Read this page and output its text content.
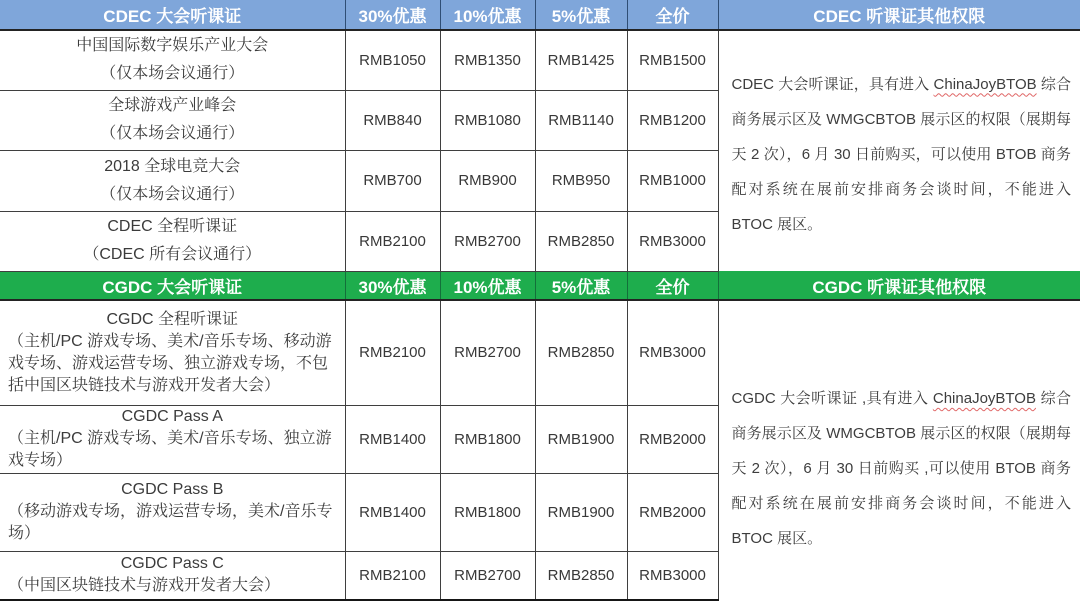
CDEC 大会听课证	30%优惠	10%优惠	5%优惠	全价	CDEC 听课证其他权限

中国国际数字娱乐产业大会
（仅本场会议通行）	RMB1050	RMB1350	RMB1425	RMB1500	CDEC 大会听课证，具有进入 ChinaJoyBTOB 综合商务展示区及 WMGCBTOB 展示区的权限（展期每天 2 次），6 月 30 日前购买，可以使用 BTOB 商务配对系统在展前安排商务会谈时间，不能进入 BTOC 展区。

全球游戏产业峰会
（仅本场会议通行）	RMB840	RMB1080	RMB1140	RMB1200	

2018 全球电竞大会
（仅本场会议通行）	RMB700	RMB900	RMB950	RMB1000	

CDEC 全程听课证
（CDEC 所有会议通行）	RMB2100	RMB2700	RMB2850	RMB3000	
CGDC 大会听课证	30%优惠	10%优惠	5%优惠	全价	CGDC 听课证其他权限

CGDC 全程听课证
（主机/PC 游戏专场、美术/音乐专场、移动游戏专场、游戏运营专场、独立游戏专场，不包括中国区块链技术与游戏开发者大会）	RMB2100	RMB2700	RMB2850	RMB3000	CGDC 大会听课证 ,具有进入 ChinaJoyBTOB 综合商务展示区及 WMGCBTOB 展示区的权限（展期每天 2 次），6 月 30 日前购买 ,可以使用 BTOB 商务配对系统在展前安排商务会谈时间，不能进入 BTOC 展区。

CGDC Pass A
（主机/PC 游戏专场、美术/音乐专场、独立游戏专场）	RMB1400	RMB1800	RMB1900	RMB2000	

CGDC Pass B
（移动游戏专场，游戏运营专场，美术/音乐专场）	RMB1400	RMB1800	RMB1900	RMB2000	

CGDC Pass C
（中国区块链技术与游戏开发者大会）	RMB2100	RMB2700	RMB2850	RMB3000	
